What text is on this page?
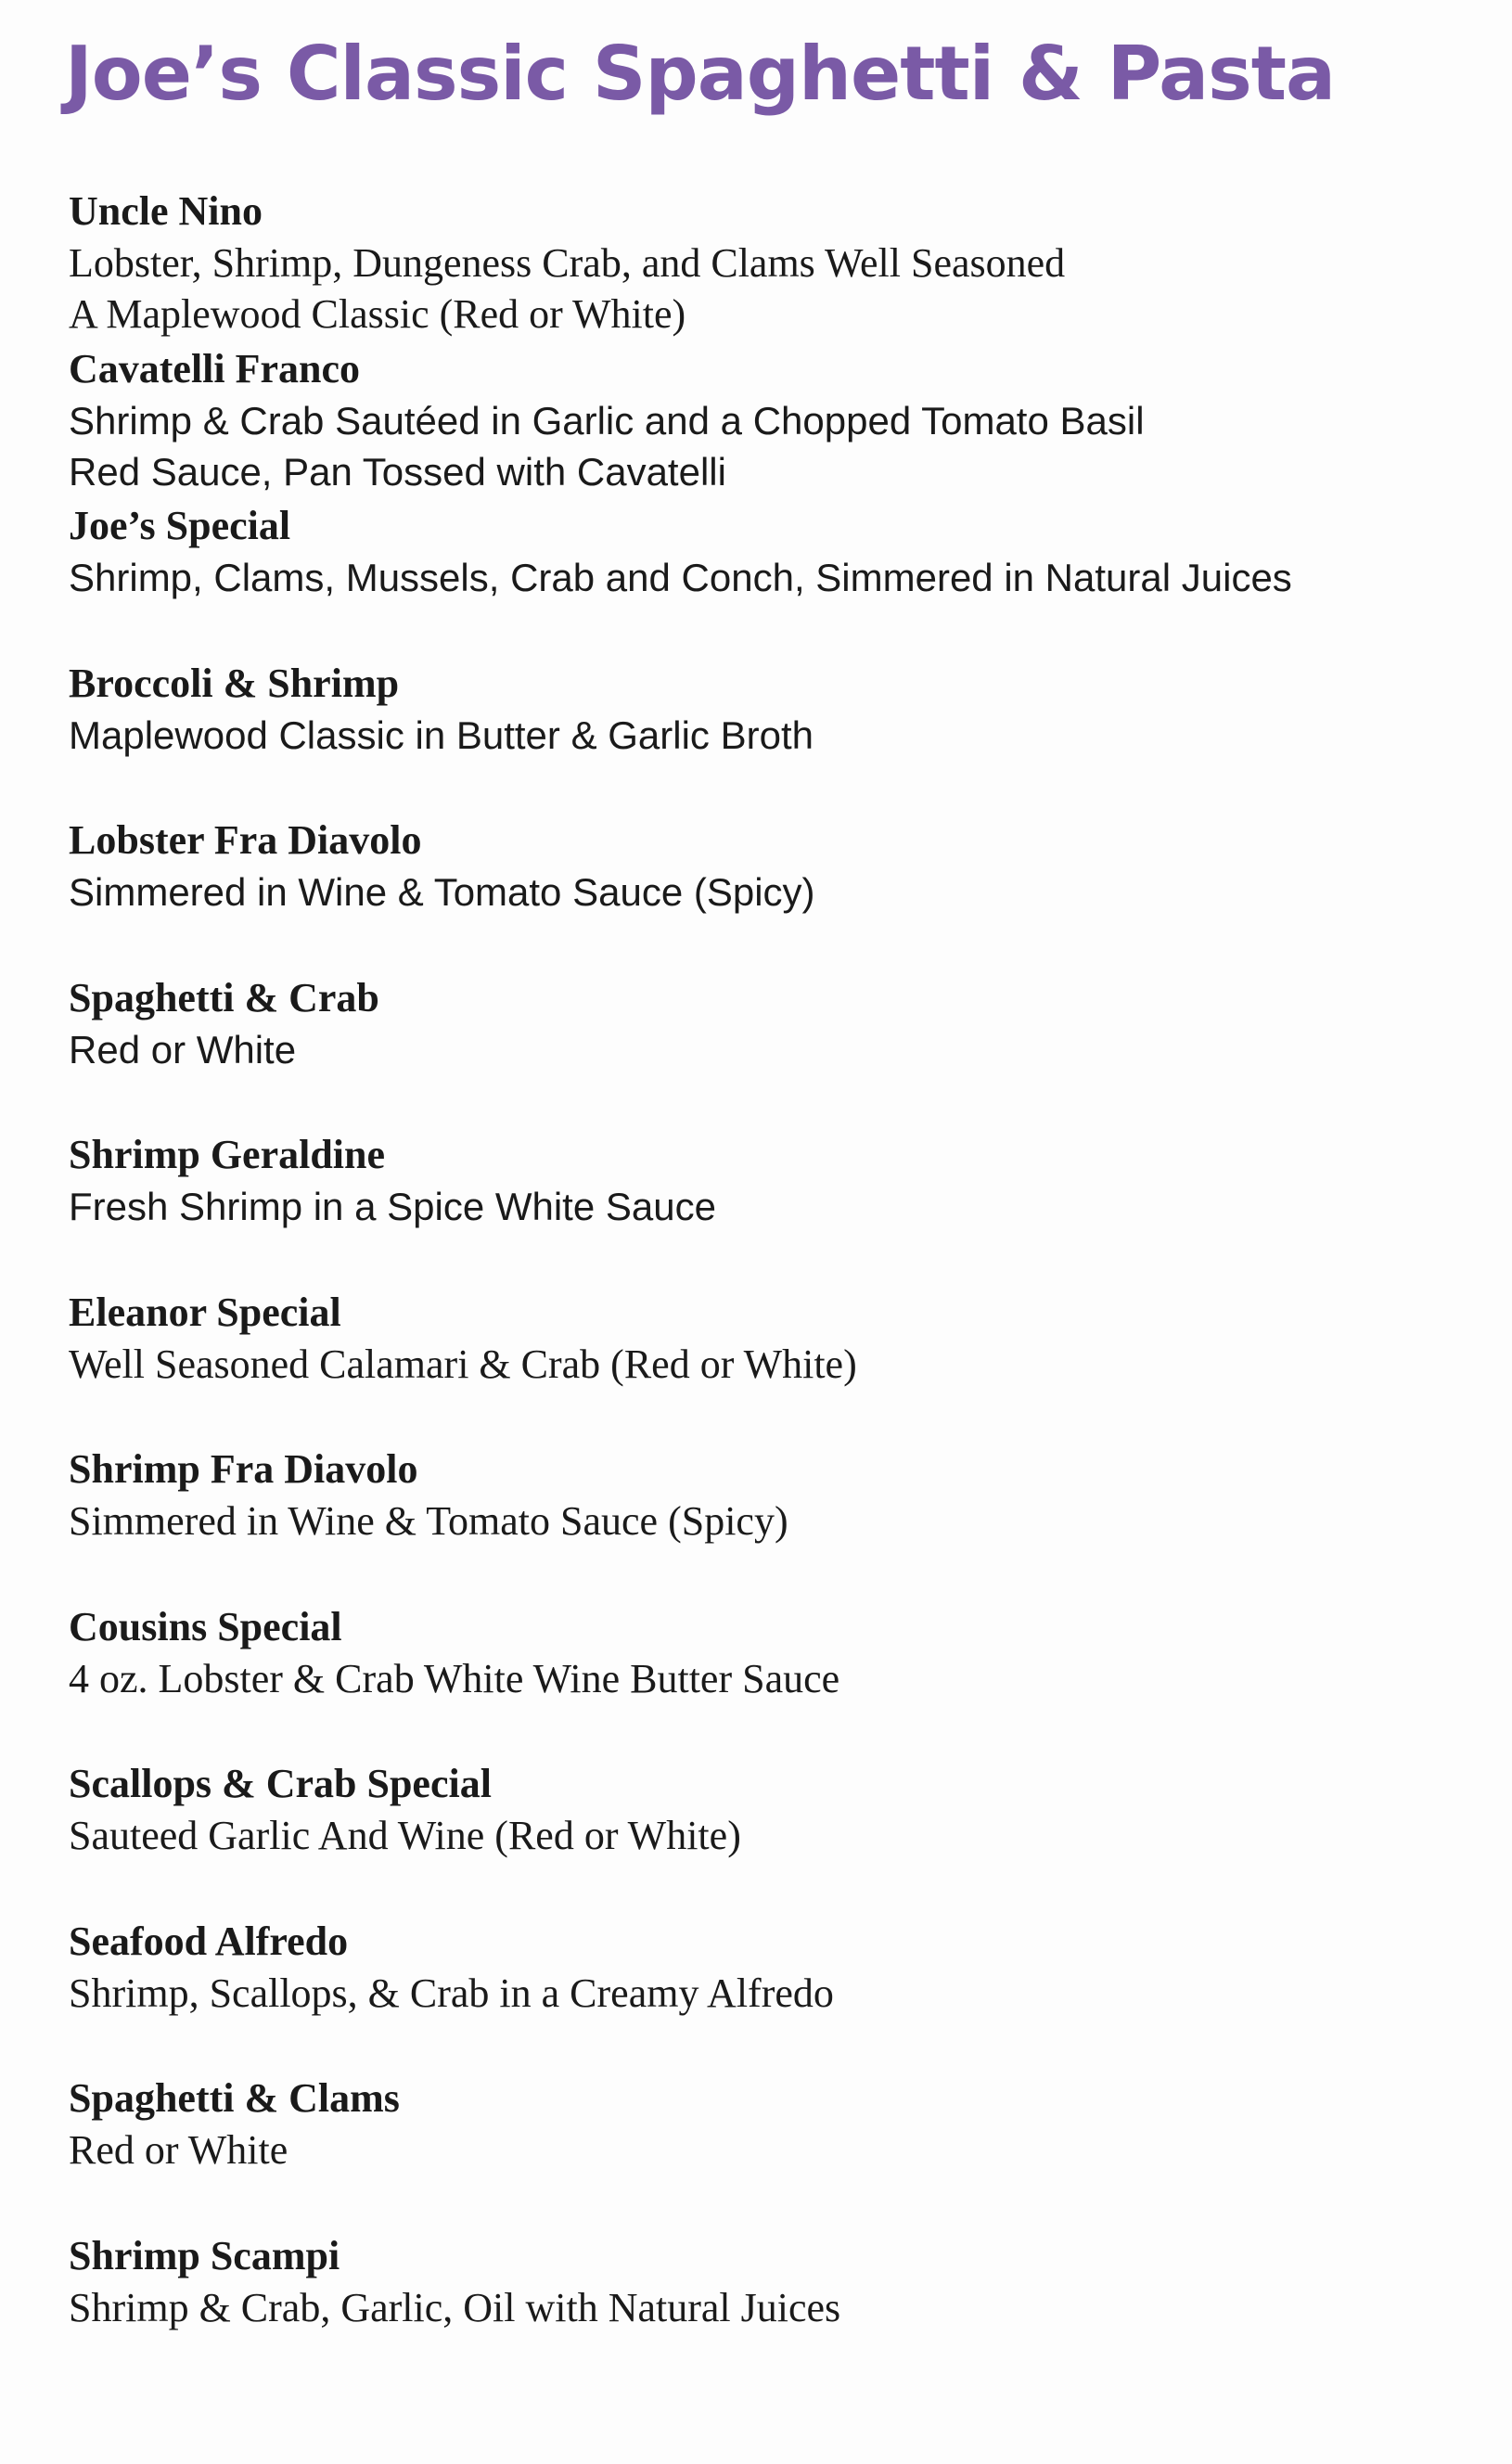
Joe’s Classic Spaghetti & Pasta
Uncle Nino
Lobster, Shrimp, Dungeness Crab, and Clams Well Seasoned
A Maplewood Classic (Red or White)
Cavatelli Franco
Shrimp & Crab Sautéed in Garlic and a Chopped Tomato Basil
Red Sauce, Pan Tossed with Cavatelli
Joe’s Special
Shrimp, Clams, Mussels, Crab and Conch, Simmered in Natural Juices
Broccoli & Shrimp
Maplewood Classic in Butter & Garlic Broth
Lobster Fra Diavolo
Simmered in Wine & Tomato Sauce (Spicy)
Spaghetti & Crab
Red or White
Shrimp Geraldine
Fresh Shrimp in a Spice White Sauce
Eleanor Special
Well Seasoned Calamari & Crab (Red or White)
Shrimp Fra Diavolo
Simmered in Wine & Tomato Sauce (Spicy)
Cousins Special
4 oz. Lobster & Crab White Wine Butter Sauce
Scallops & Crab Special
Sauteed Garlic And Wine (Red or White)
Seafood Alfredo
Shrimp, Scallops, & Crab in a Creamy Alfredo
Spaghetti & Clams
Red or White
Shrimp Scampi
Shrimp & Crab, Garlic, Oil with Natural Juices
